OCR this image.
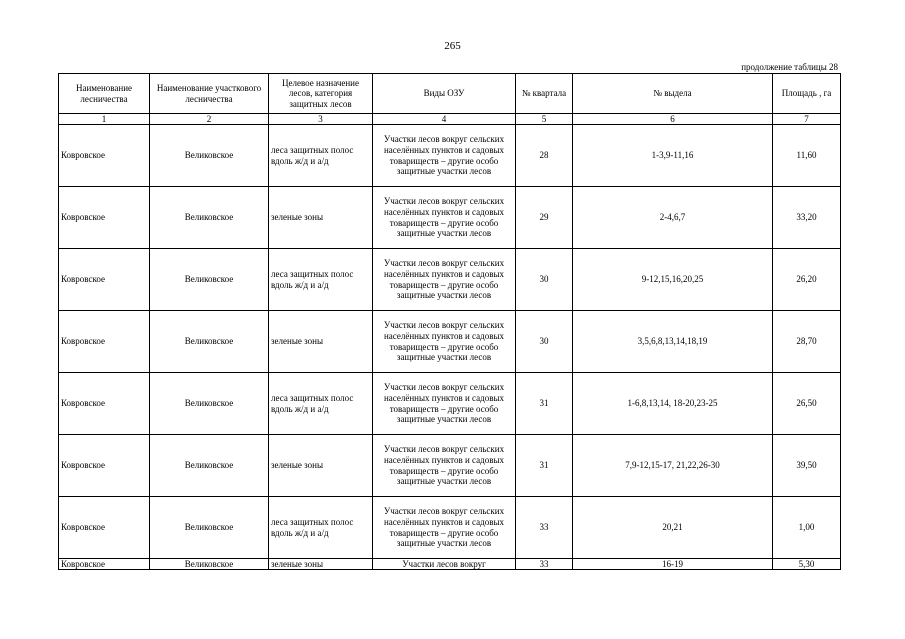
265
продолжение таблицы 28
Наименование лесничества	Наименование участкового лесничества	Целевое назначение лесов, категория защитных лесов	Виды ОЗУ	№ квартала	№ выдела	Площадь , га
1	2	3	4	5	6	7
Ковровское	Великовское	леса защитных полос вдоль ж/д и а/д	Участки лесов вокруг сельских населённых пунктов и садовых товариществ – другие особо защитные участки лесов	28	1-3,9-11,16	11,60
Ковровское	Великовское	зеленые зоны	Участки лесов вокруг сельских населённых пунктов и садовых товариществ – другие особо защитные участки лесов	29	2-4,6,7	33,20
Ковровское	Великовское	леса защитных полос вдоль ж/д и а/д	Участки лесов вокруг сельских населённых пунктов и садовых товариществ – другие особо защитные участки лесов	30	9-12,15,16,20,25	26,20
Ковровское	Великовское	зеленые зоны	Участки лесов вокруг сельских населённых пунктов и садовых товариществ – другие особо защитные участки лесов	30	3,5,6,8,13,14,18,19	28,70
Ковровское	Великовское	леса защитных полос вдоль ж/д и а/д	Участки лесов вокруг сельских населённых пунктов и садовых товариществ – другие особо защитные участки лесов	31	1-6,8,13,14, 18-20,23-25	26,50
Ковровское	Великовское	зеленые зоны	Участки лесов вокруг сельских населённых пунктов и садовых товариществ – другие особо защитные участки лесов	31	7,9-12,15-17, 21,22,26-30	39,50
Ковровское	Великовское	леса защитных полос вдоль ж/д и а/д	Участки лесов вокруг сельских населённых пунктов и садовых товариществ – другие особо защитные участки лесов	33	20,21	1,00
Ковровское	Великовское	зеленые зоны	Участки лесов вокруг	33	16-19	5,30
